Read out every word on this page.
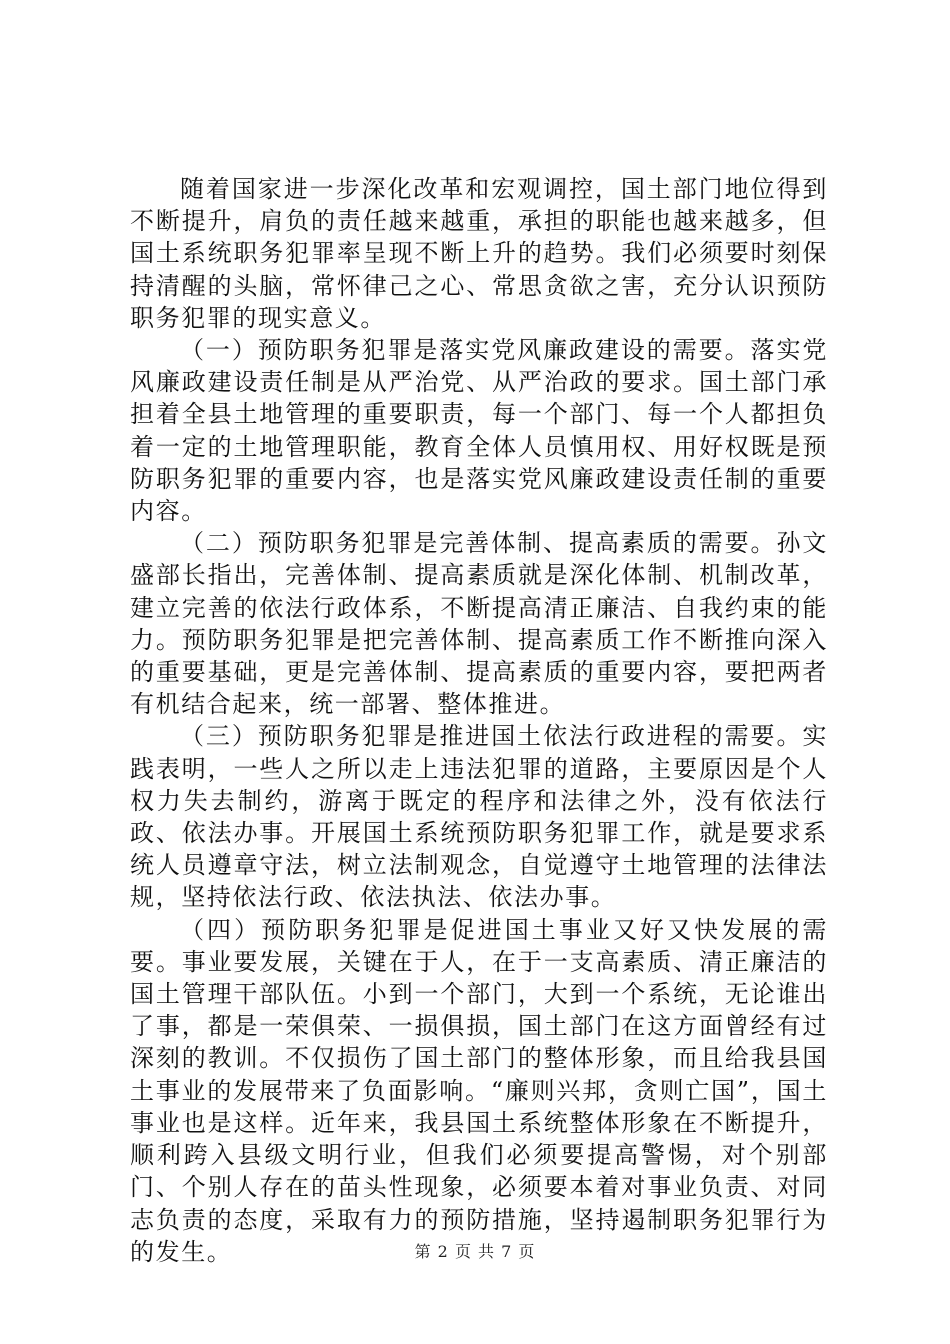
随着国家进一步深化改革和宏观调控，国土部门地位得到不断提升，肩负的责任越来越重，承担的职能也越来越多，但国土系统职务犯罪率呈现不断上升的趋势。我们必须要时刻保持清醒的头脑，常怀律己之心、常思贪欲之害，充分认识预防职务犯罪的现实意义。

（一）预防职务犯罪是落实党风廉政建设的需要。落实党风廉政建设责任制是从严治党、从严治政的要求。国土部门承担着全县土地管理的重要职责，每一个部门、每一个人都担负着一定的土地管理职能，教育全体人员慎用权、用好权既是预防职务犯罪的重要内容，也是落实党风廉政建设责任制的重要内容。

（二）预防职务犯罪是完善体制、提高素质的需要。孙文盛部长指出，完善体制、提高素质就是深化体制、机制改革，建立完善的依法行政体系，不断提高清正廉洁、自我约束的能力。预防职务犯罪是把完善体制、提高素质工作不断推向深入的重要基础，更是完善体制、提高素质的重要内容，要把两者有机结合起来，统一部署、整体推进。

（三）预防职务犯罪是推进国土依法行政进程的需要。实践表明，一些人之所以走上违法犯罪的道路，主要原因是个人权力失去制约，游离于既定的程序和法律之外，没有依法行政、依法办事。开展国土系统预防职务犯罪工作，就是要求系统人员遵章守法，树立法制观念，自觉遵守土地管理的法律法规，坚持依法行政、依法执法、依法办事。

（四）预防职务犯罪是促进国土事业又好又快发展的需要。事业要发展，关键在于人，在于一支高素质、清正廉洁的国土管理干部队伍。小到一个部门，大到一个系统，无论谁出了事，都是一荣俱荣、一损俱损，国土部门在这方面曾经有过深刻的教训。不仅损伤了国土部门的整体形象，而且给我县国土事业的发展带来了负面影响。“廉则兴邦，贪则亡国”，国土事业也是这样。近年来，我县国土系统整体形象在不断提升，顺利跨入县级文明行业，但我们必须要提高警惕，对个别部门、个别人存在的苗头性现象，必须要本着对事业负责、对同志负责的态度，采取有力的预防措施，坚持遏制职务犯罪行为的发生。	第 2 页 共 7 页
